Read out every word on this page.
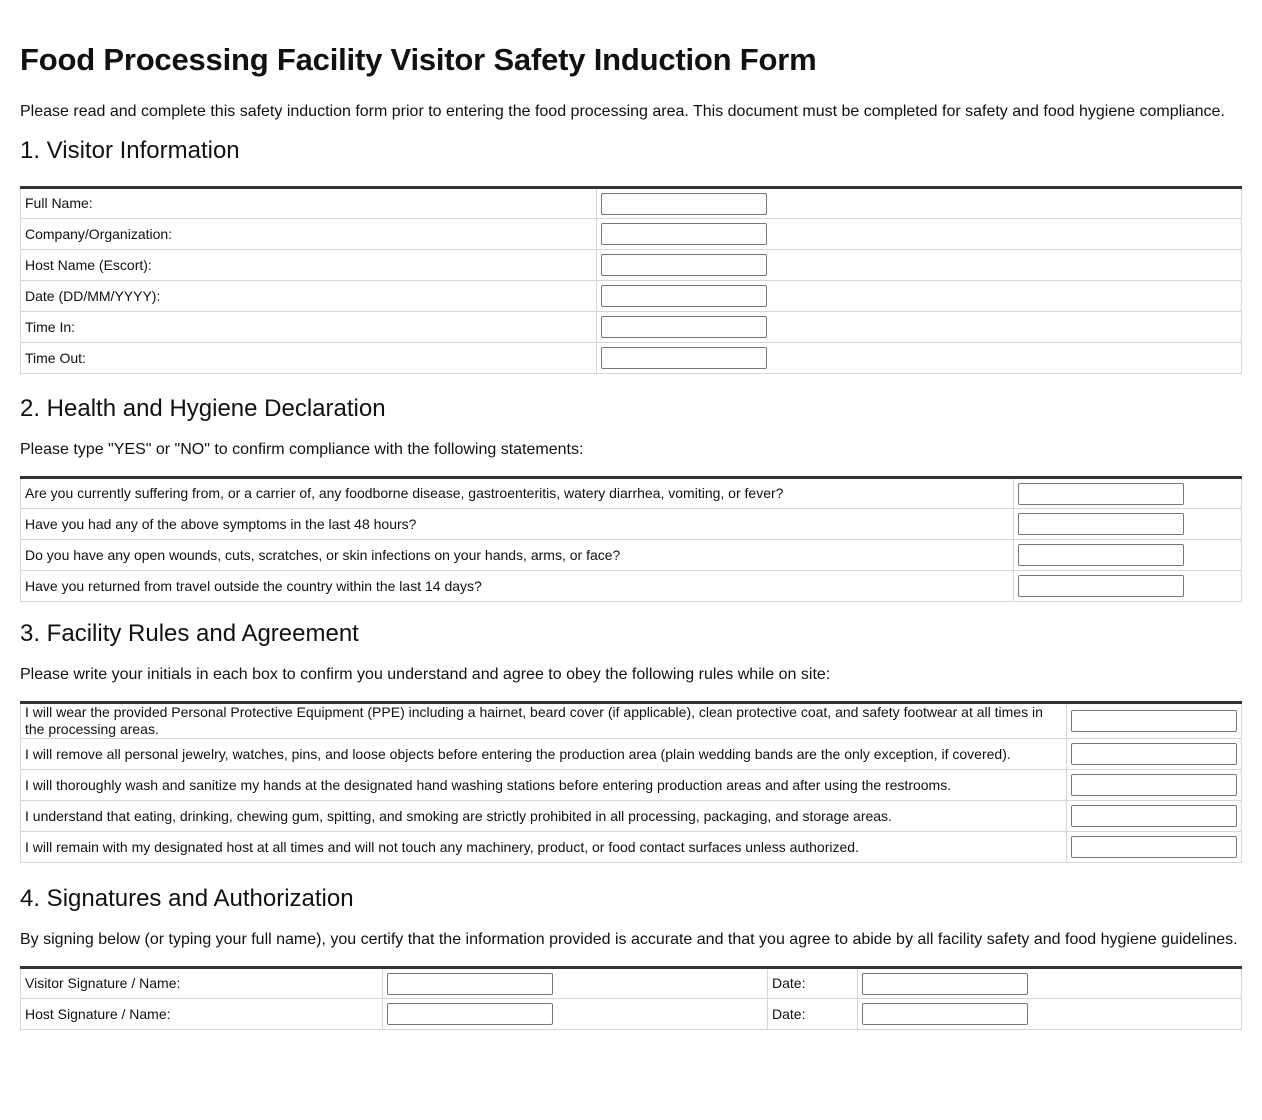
Food Processing Facility Visitor Safety Induction Form

Please read and complete this safety induction form prior to entering the food processing area. This document must be completed for safety and food hygiene compliance.

1. Visitor Information
Full Name:	
Company/Organization:	
Host Name (Escort):	
Date (DD/MM/YYYY):	
Time In:	
Time Out:	
2. Health and Hygiene Declaration

Please type "YES" or "NO" to confirm compliance with the following statements:

Are you currently suffering from, or a carrier of, any foodborne disease, gastroenteritis, watery diarrhea, vomiting, or fever?	
Have you had any of the above symptoms in the last 48 hours?	
Do you have any open wounds, cuts, scratches, or skin infections on your hands, arms, or face?	
Have you returned from travel outside the country within the last 14 days?	
3. Facility Rules and Agreement

Please write your initials in each box to confirm you understand and agree to obey the following rules while on site:

I will wear the provided Personal Protective Equipment (PPE) including a hairnet, beard cover (if applicable), clean protective coat, and safety footwear at all times in the processing areas.	
I will remove all personal jewelry, watches, pins, and loose objects before entering the production area (plain wedding bands are the only exception, if covered).	
I will thoroughly wash and sanitize my hands at the designated hand washing stations before entering production areas and after using the restrooms.	
I understand that eating, drinking, chewing gum, spitting, and smoking are strictly prohibited in all processing, packaging, and storage areas.	
I will remain with my designated host at all times and will not touch any machinery, product, or food contact surfaces unless authorized.	
4. Signatures and Authorization

By signing below (or typing your full name), you certify that the information provided is accurate and that you agree to abide by all facility safety and food hygiene guidelines.

Visitor Signature / Name:		Date:	
Host Signature / Name:		Date:	
